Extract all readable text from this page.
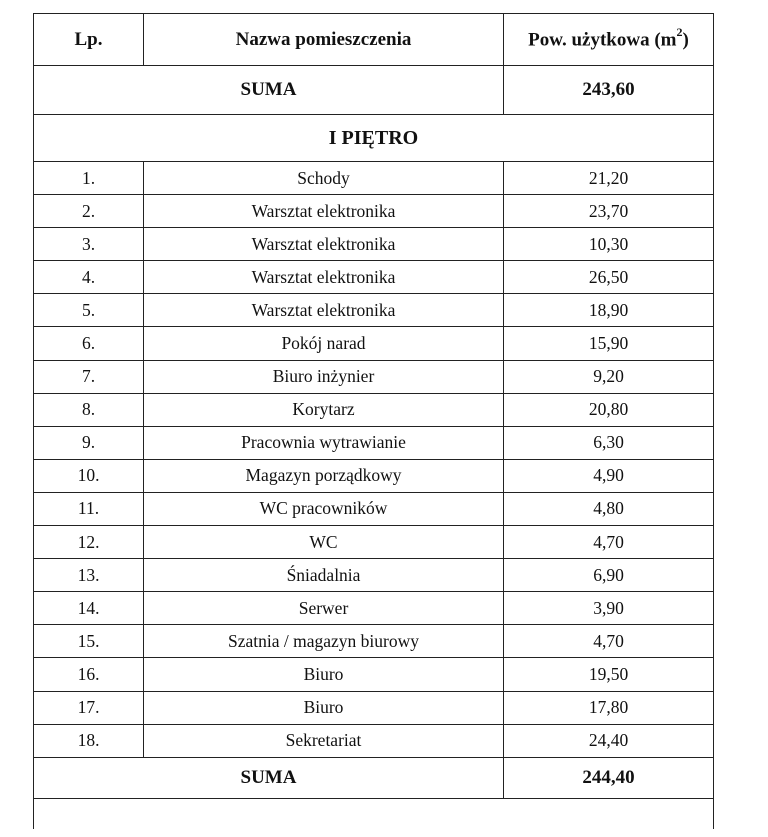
Lp.	Nazwa pomieszczenia	Pow. użytkowa $(m^2)$
SUMA		243,60
I PIĘTRO		
1.	Schody	21,20
2.	Warsztat elektronika	23,70
3.	Warsztat elektronika	10,30
4.	Warsztat elektronika	26,50
5.	Warsztat elektronika	18,90
6.	Pokój narad	15,90
7.	Biuro inżynier	9,20
8.	Korytarz	20,80
9.	Pracownia wytrawianie	6,30
10.	Magazyn porządkowy	4,90
11.	WC pracowników	4,80
12.	WC	4,70
13.	Śniadalnia	6,90
14.	Serwer	3,90
15.	Szatnia / magazyn biurowy	4,70
16.	Biuro	19,50
17.	Biuro	17,80
18.	Sekretariat	24,40
SUMA		244,40
